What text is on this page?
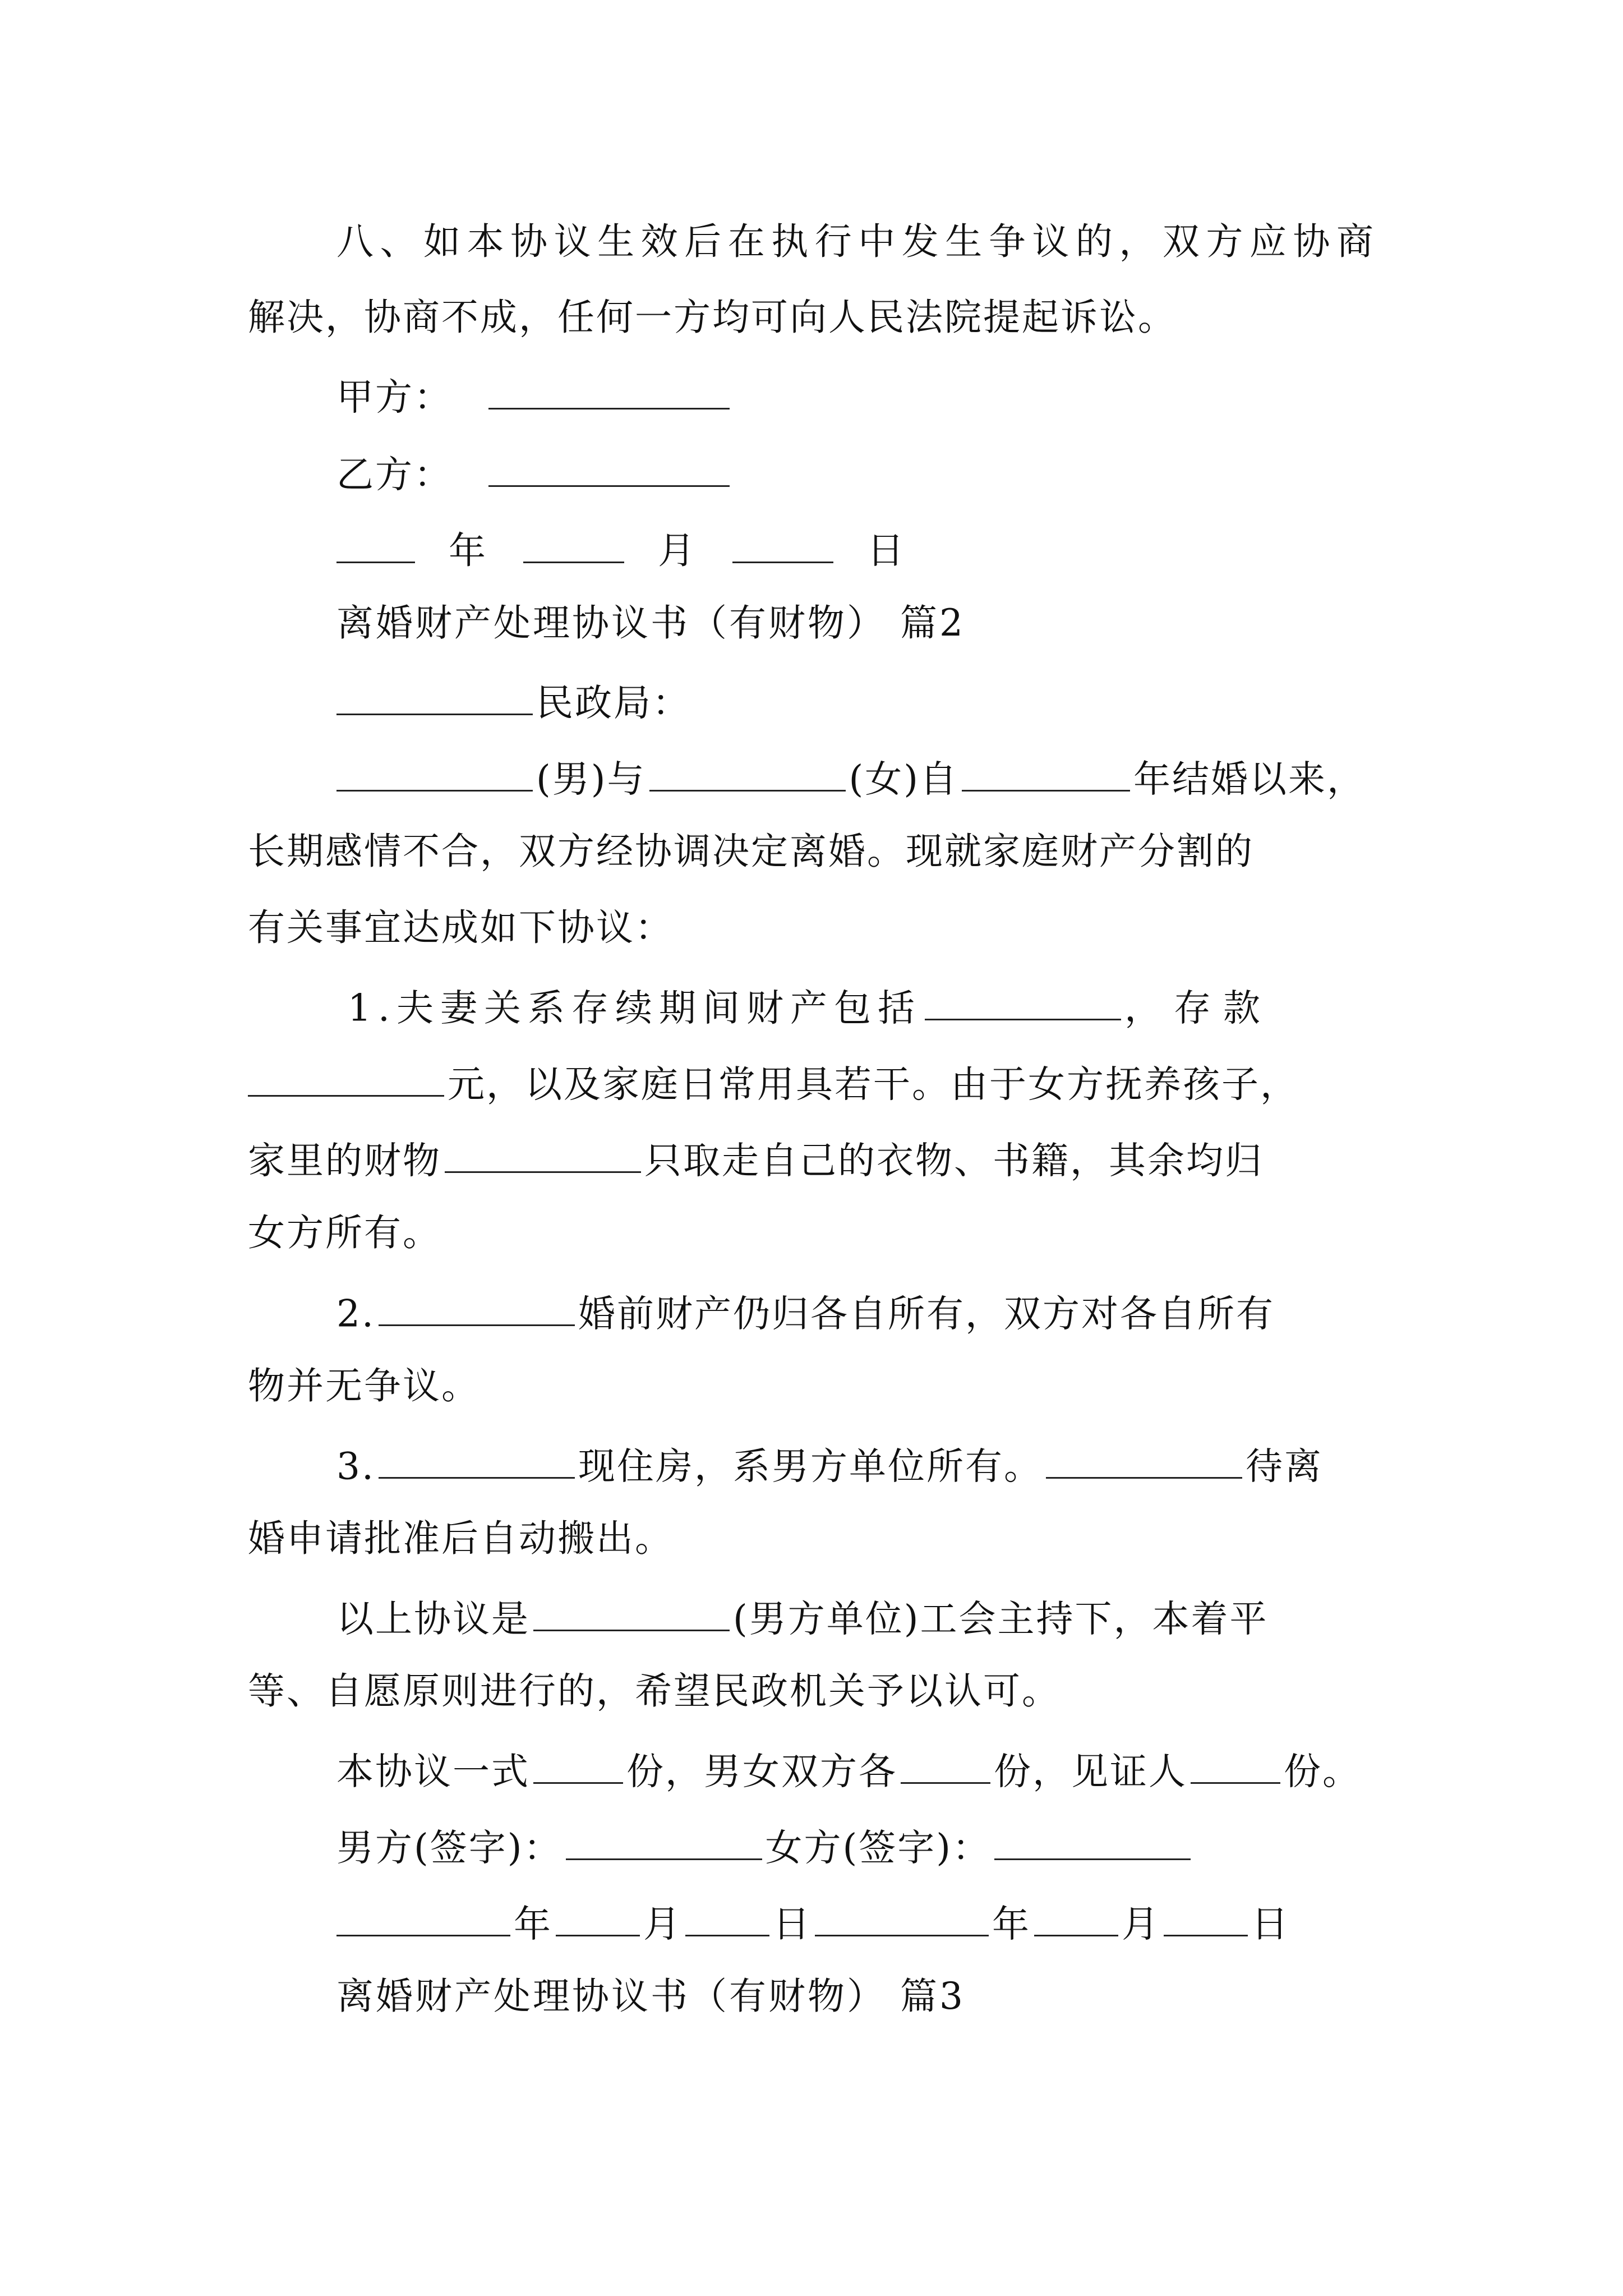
八、如本协议生效后在执行中发生争议的，双方应协商
解决，协商不成，任何一方均可向人民法院提起诉讼。
甲方：
乙方：
年	月	日
离婚财产处理协议书（有财物） 篇2
民政局：
(男)与	(女)自	年结婚以来，
长期感情不合，双方经协调决定离婚。现就家庭财产分割的
有关事宜达成如下协议：
1.夫妻关系存续期间财产包括	，存款
元，以及家庭日常用具若干。由于女方抚养孩子，
家里的财物	只取走自己的衣物、书籍，其余均归
女方所有。
2.	婚前财产仍归各自所有，双方对各自所有
物并无争议。
3.	现住房，系男方单位所有。	待离
婚申请批准后自动搬出。
以上协议是	(男方单位)工会主持下，本着平
等、自愿原则进行的，希望民政机关予以认可。
本协议一式	份，男女双方各	份，见证人	份。
男方(签字)：	女方(签字)：
年 月 日	年 月 日
离婚财产处理协议书（有财物） 篇3
